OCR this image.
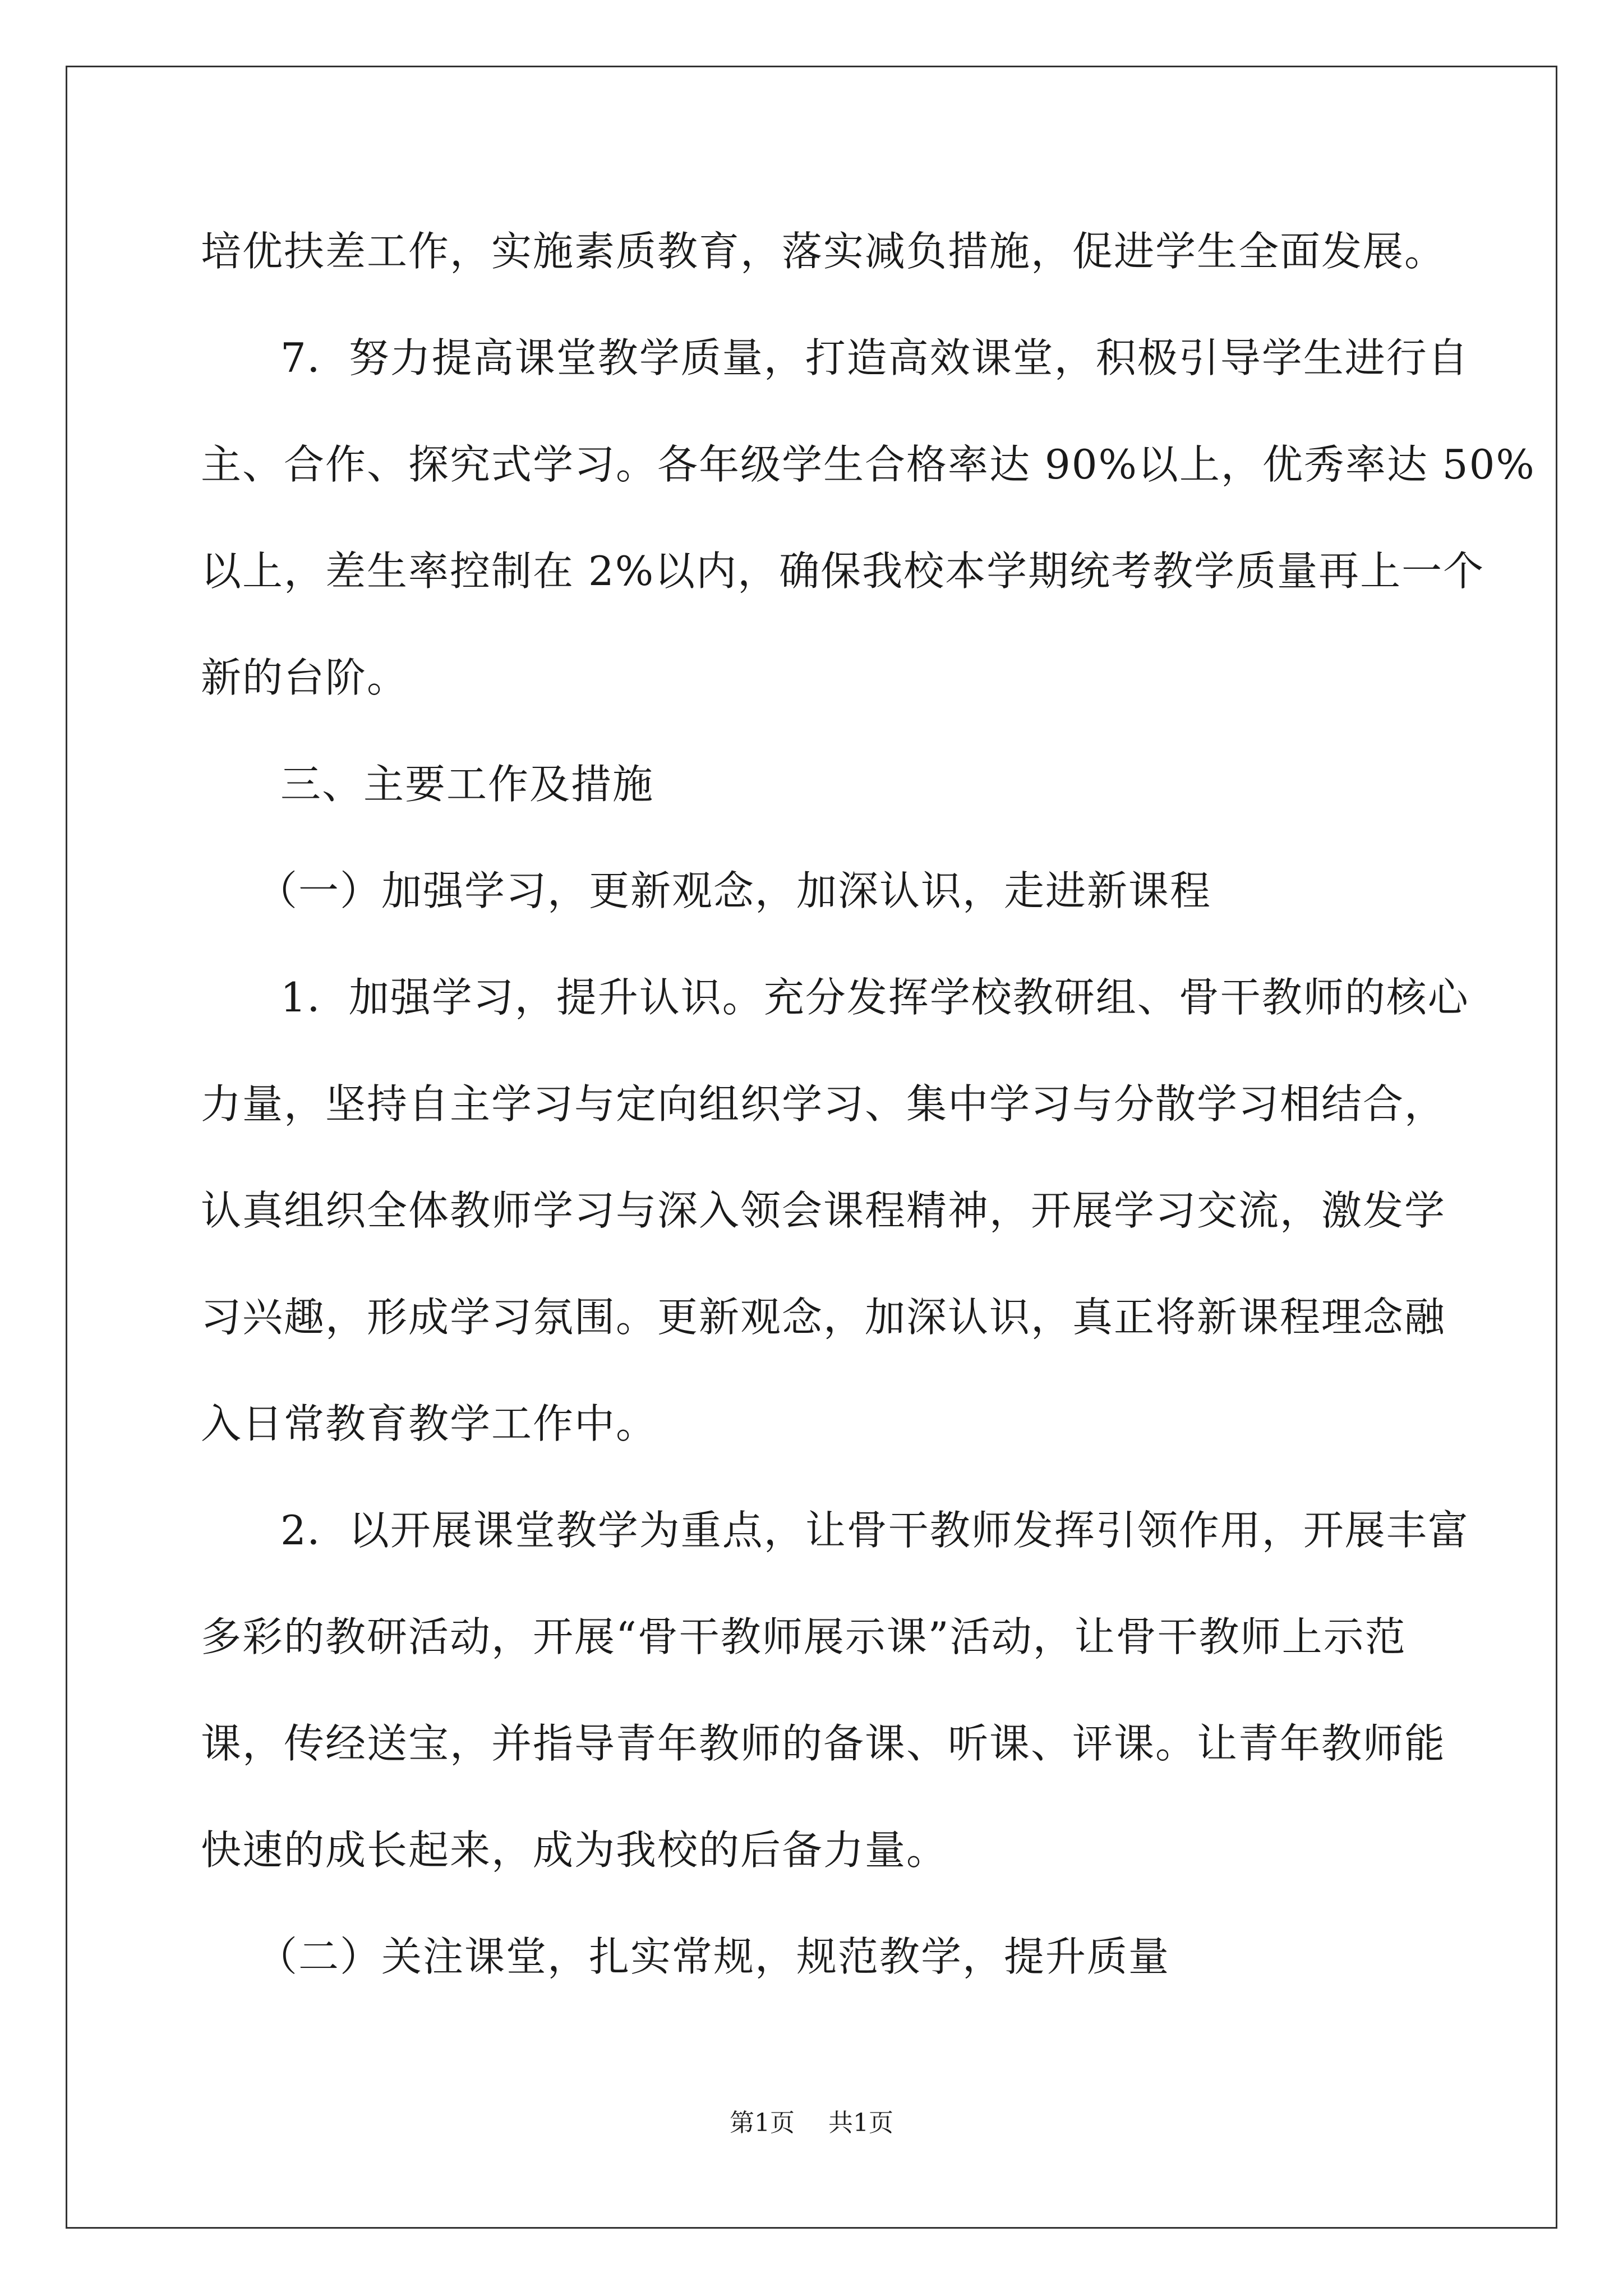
培优扶差工作，实施素质教育，落实减负措施，促进学生全面发展。
7．努力提高课堂教学质量，打造高效课堂，积极引导学生进行自
主、合作、探究式学习。各年级学生合格率达 90%以上，优秀率达 50%
以上，差生率控制在 2%以内，确保我校本学期统考教学质量再上一个
新的台阶。
三、主要工作及措施
（一）加强学习，更新观念，加深认识，走进新课程
1．加强学习，提升认识。充分发挥学校教研组、骨干教师的核心
力量，坚持自主学习与定向组织学习、集中学习与分散学习相结合，
认真组织全体教师学习与深入领会课程精神，开展学习交流，激发学
习兴趣，形成学习氛围。更新观念，加深认识，真正将新课程理念融
入日常教育教学工作中。
2．以开展课堂教学为重点，让骨干教师发挥引领作用，开展丰富
多彩的教研活动，开展“骨干教师展示课”活动，让骨干教师上示范
课，传经送宝，并指导青年教师的备课、听课、评课。让青年教师能
快速的成长起来，成为我校的后备力量。
（二）关注课堂，扎实常规，规范教学，提升质量
第1页 共1页
